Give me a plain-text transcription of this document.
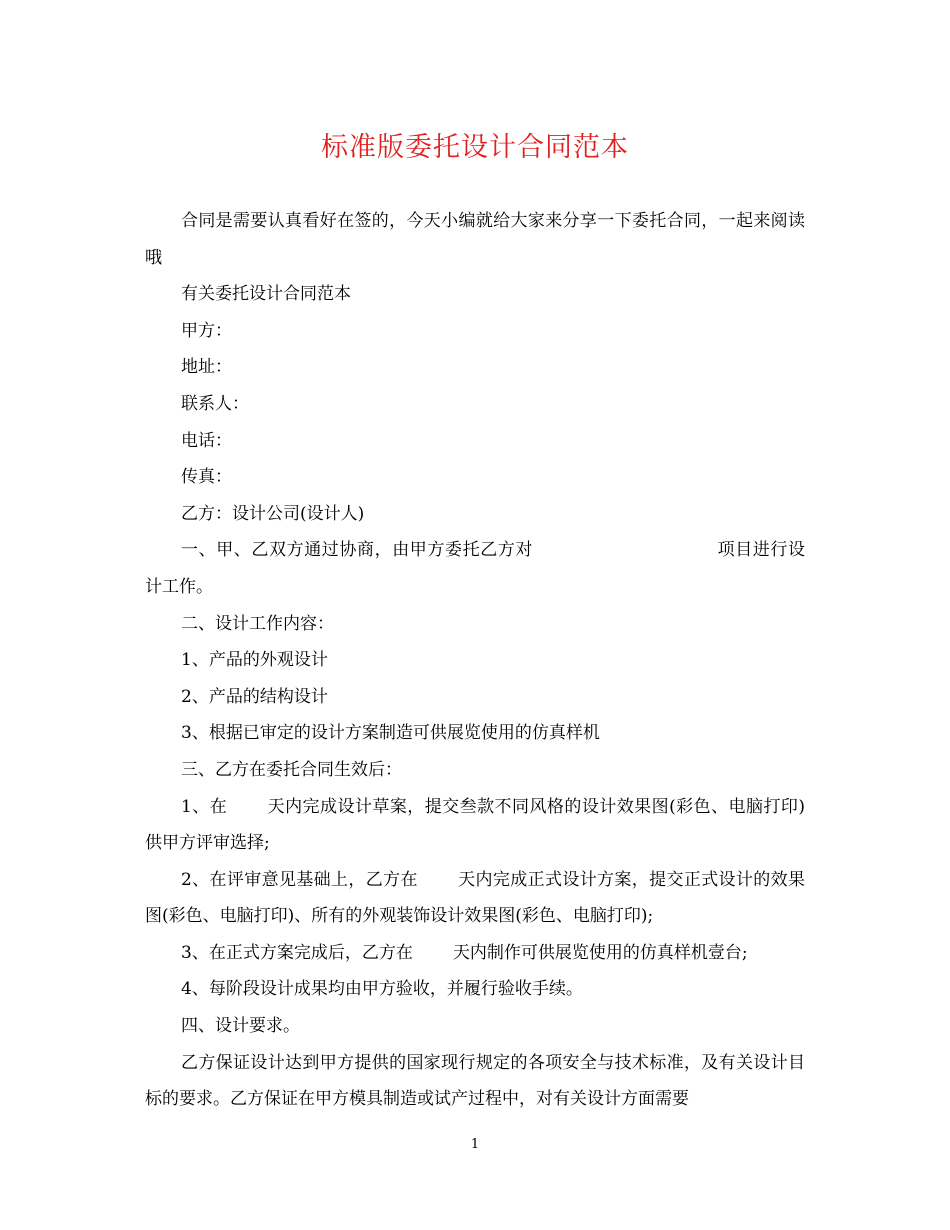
标准版委托设计合同范本

合同是需要认真看好在签的，今天小编就给大家来分享一下委托合同，一起来阅读哦

有关委托设计合同范本

甲方：

地址：

联系人：

电话：

传真：

乙方：设计公司(设计人)

一、甲、乙双方通过协商，由甲方委托乙方对	项目进行设计工作。

二、设计工作内容：

1、产品的外观设计

2、产品的结构设计

3、根据已审定的设计方案制造可供展览使用的仿真样机

三、乙方在委托合同生效后：

1、在 天内完成设计草案，提交叁款不同风格的设计效果图(彩色、电脑打印)供甲方评审选择;

2、在评审意见基础上，乙方在 天内完成正式设计方案，提交正式设计的效果图(彩色、电脑打印)、所有的外观装饰设计效果图(彩色、电脑打印);

3、在正式方案完成后，乙方在 天内制作可供展览使用的仿真样机壹台;

4、每阶段设计成果均由甲方验收，并履行验收手续。

四、设计要求。

乙方保证设计达到甲方提供的国家现行规定的各项安全与技术标准，及有关设计目标的要求。乙方保证在甲方模具制造或试产过程中，对有关设计方面需要

1
